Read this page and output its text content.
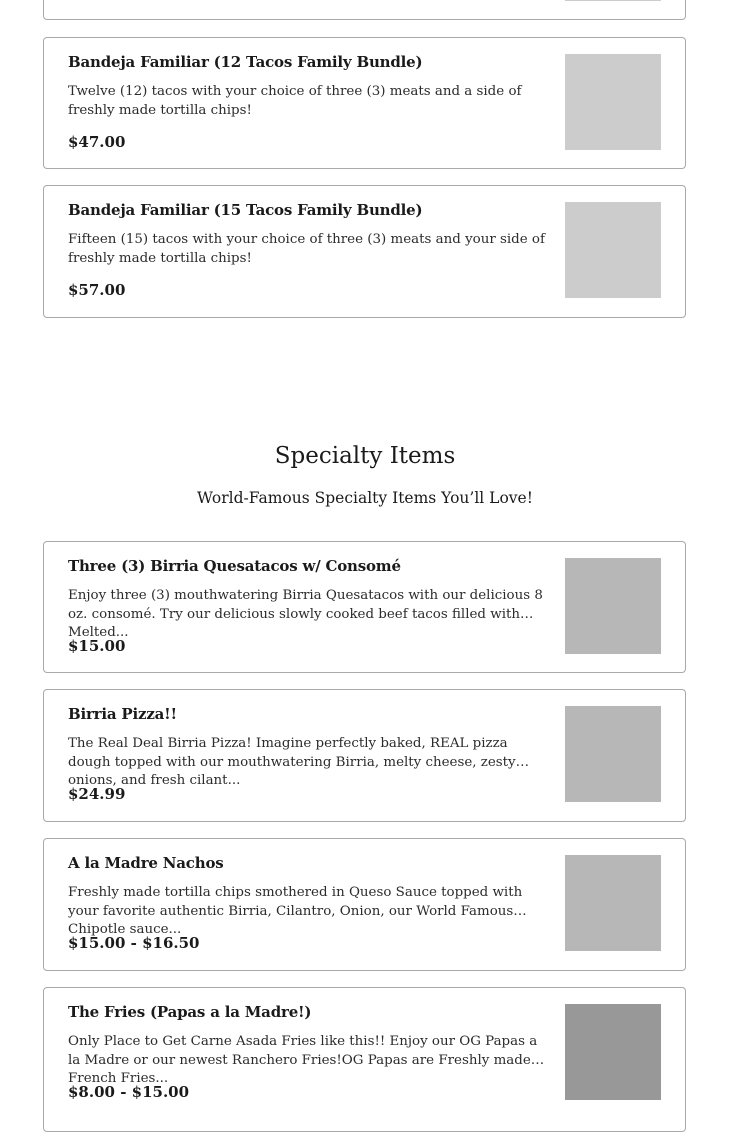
Bandeja Familiar (12 Tacos Family Bundle)
Twelve (12) tacos with your choice of three (3) meats and a side of freshly made tortilla chips!
$47.00
Bandeja Familiar (15 Tacos Family Bundle)
Fifteen (15) tacos with your choice of three (3) meats and your side of freshly made tortilla chips!
$57.00
Specialty Items
World-Famous Specialty Items You’ll Love!
Three (3) Birria Quesatacos w/ Consomé
Enjoy three (3) mouthwatering Birria Quesatacos with our delicious 8 oz. consomé. Try our delicious slowly cooked beef tacos filled with Melted...
$15.00
Birria Pizza!!
The Real Deal Birria Pizza! Imagine perfectly baked, REAL pizza dough topped with our mouthwatering Birria, melty cheese, zesty onions, and fresh cilant...
$24.99
A la Madre Nachos
Freshly made tortilla chips smothered in Queso Sauce topped with your favorite authentic Birria, Cilantro, Onion, our World Famous Chipotle sauce...
$15.00 - $16.50
The Fries (Papas a la Madre!)
Only Place to Get Carne Asada Fries like this!! Enjoy our OG Papas a la Madre or our newest Ranchero Fries!OG Papas are Freshly made French Fries...
$8.00 - $15.00
